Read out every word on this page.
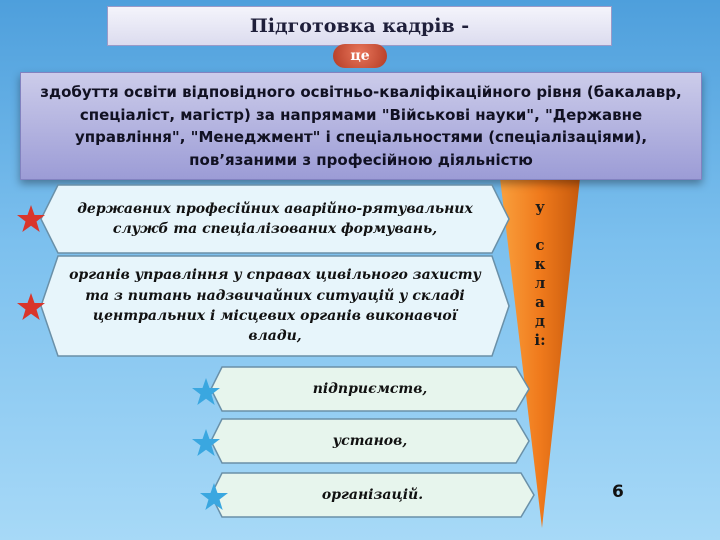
Підготовка кадрів -
це
здобуття освіти відповідного освітньо-кваліфікаційного рівня (бакалавр, спеціаліст, магістр) за напрямами "Військові науки", "Державне управління", "Менеджмент" і спеціальностями (спеціалізаціями), пов’язаними з професійною діяльністю
у
с
к
л
а
д
і:
державних професійних аварійно-рятувальних служб та спеціалізованих формувань,
органів управління у справах цивільного захисту та з питань надзвичайних ситуацій у складі центральних і місцевих органів виконавчої влади,
підприємств,
установ,
організацій.	6
